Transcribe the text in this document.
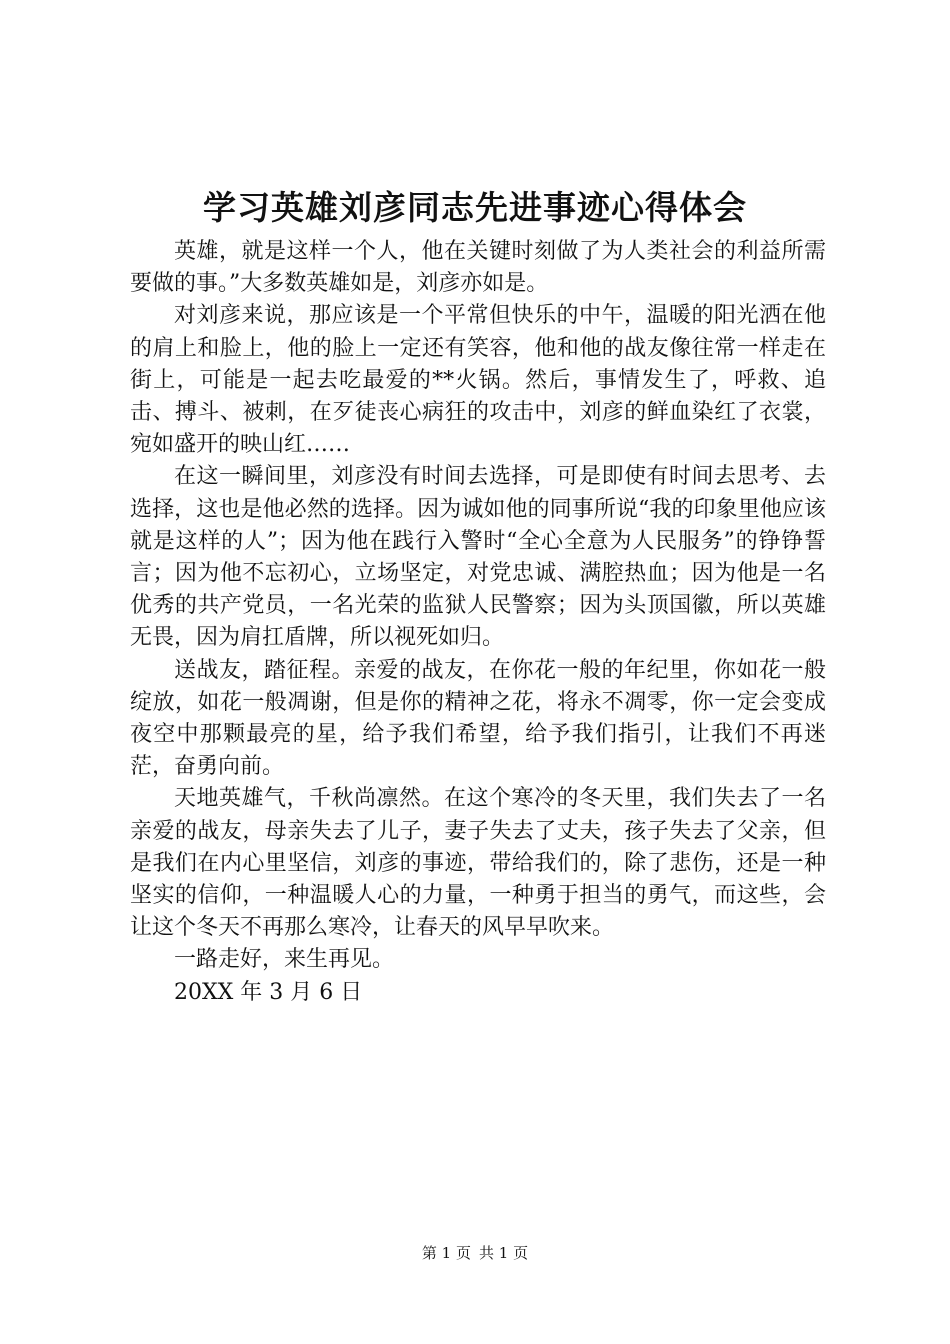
学习英雄刘彦同志先进事迹心得体会

英雄，就是这样一个人，他在关键时刻做了为人类社会的利益所需要做的事。”大多数英雄如是，刘彦亦如是。

对刘彦来说，那应该是一个平常但快乐的中午，温暖的阳光洒在他的肩上和脸上，他的脸上一定还有笑容，他和他的战友像往常一样走在街上，可能是一起去吃最爱的**火锅。然后，事情发生了，呼救、追击、搏斗、被刺，在歹徒丧心病狂的攻击中，刘彦的鲜血染红了衣裳，宛如盛开的映山红……

在这一瞬间里，刘彦没有时间去选择，可是即使有时间去思考、去选择，这也是他必然的选择。因为诚如他的同事所说“我的印象里他应该就是这样的人”；因为他在践行入警时“全心全意为人民服务”的铮铮誓言；因为他不忘初心，立场坚定，对党忠诚、满腔热血；因为他是一名优秀的共产党员，一名光荣的监狱人民警察；因为头顶国徽，所以英雄无畏，因为肩扛盾牌，所以视死如归。

送战友，踏征程。亲爱的战友，在你花一般的年纪里，你如花一般绽放，如花一般凋谢，但是你的精神之花，将永不凋零，你一定会变成夜空中那颗最亮的星，给予我们希望，给予我们指引，让我们不再迷茫，奋勇向前。

天地英雄气，千秋尚凛然。在这个寒冷的冬天里，我们失去了一名亲爱的战友，母亲失去了儿子，妻子失去了丈夫，孩子失去了父亲，但是我们在内心里坚信，刘彦的事迹，带给我们的，除了悲伤，还是一种坚实的信仰，一种温暖人心的力量，一种勇于担当的勇气，而这些，会让这个冬天不再那么寒冷，让春天的风早早吹来。

一路走好，来生再见。

20XX 年 3 月 6 日

第 1 页 共 1 页
